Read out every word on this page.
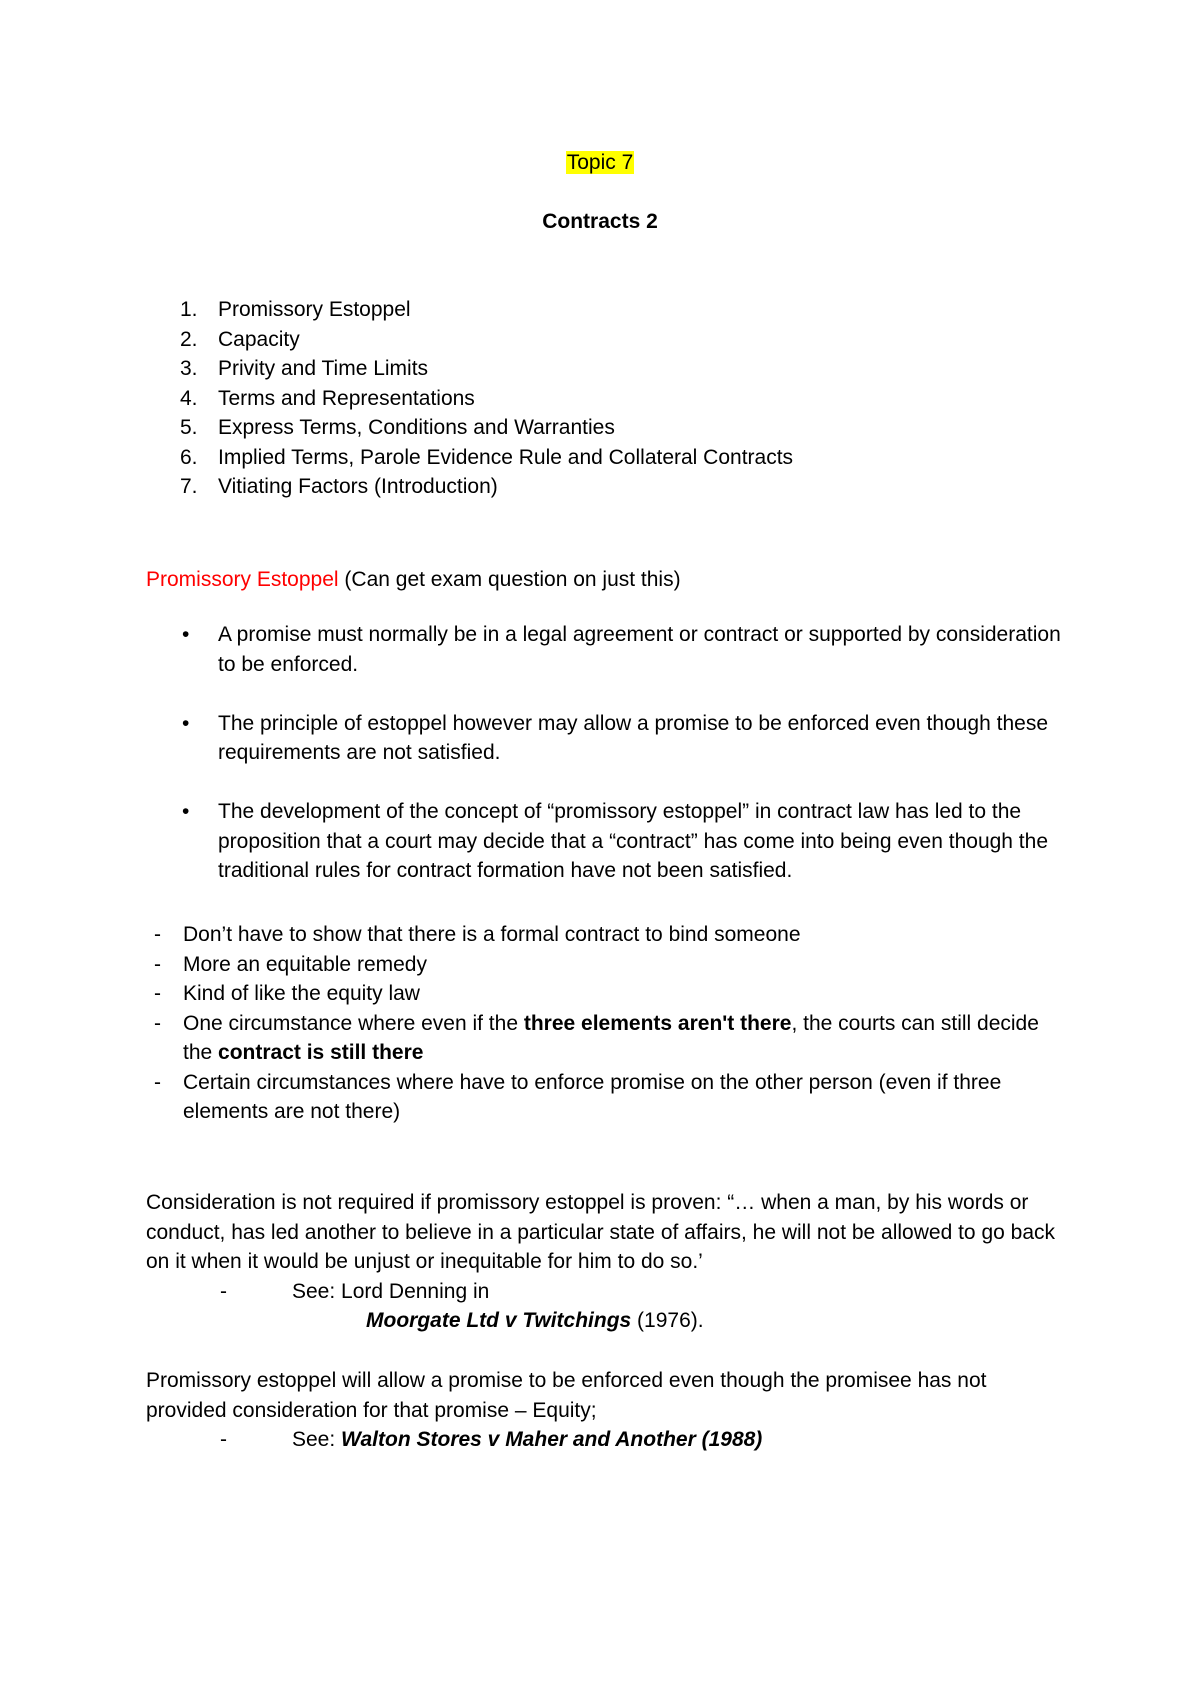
Topic 7
Contracts 2
1. Promissory Estoppel
2. Capacity
3. Privity and Time Limits
4. Terms and Representations
5. Express Terms, Conditions and Warranties
6. Implied Terms, Parole Evidence Rule and Collateral Contracts
7. Vitiating Factors (Introduction)
Promissory Estoppel (Can get exam question on just this)
• A promise must normally be in a legal agreement or contract or supported by consideration to be enforced.
• The principle of estoppel however may allow a promise to be enforced even though these requirements are not satisfied.
• The development of the concept of “promissory estoppel” in contract law has led to the proposition that a court may decide that a “contract” has come into being even though the traditional rules for contract formation have not been satisfied.
- Don’t have to show that there is a formal contract to bind someone
- More an equitable remedy
- Kind of like the equity law
- One circumstance where even if the three elements aren't there, the courts can still decide the contract is still there
- Certain circumstances where have to enforce promise on the other person (even if three elements are not there)

Consideration is not required if promissory estoppel is proven: “… when a man, by his words or conduct, has led another to believe in a particular state of affairs, he will not be allowed to go back on it when it would be unjust or inequitable for him to do so.’

-	See: Lord Denning in
Moorgate Ltd v Twitchings (1976).

Promissory estoppel will allow a promise to be enforced even though the promisee has not provided consideration for that promise – Equity;

-	See: Walton Stores v Maher and Another (1988)
